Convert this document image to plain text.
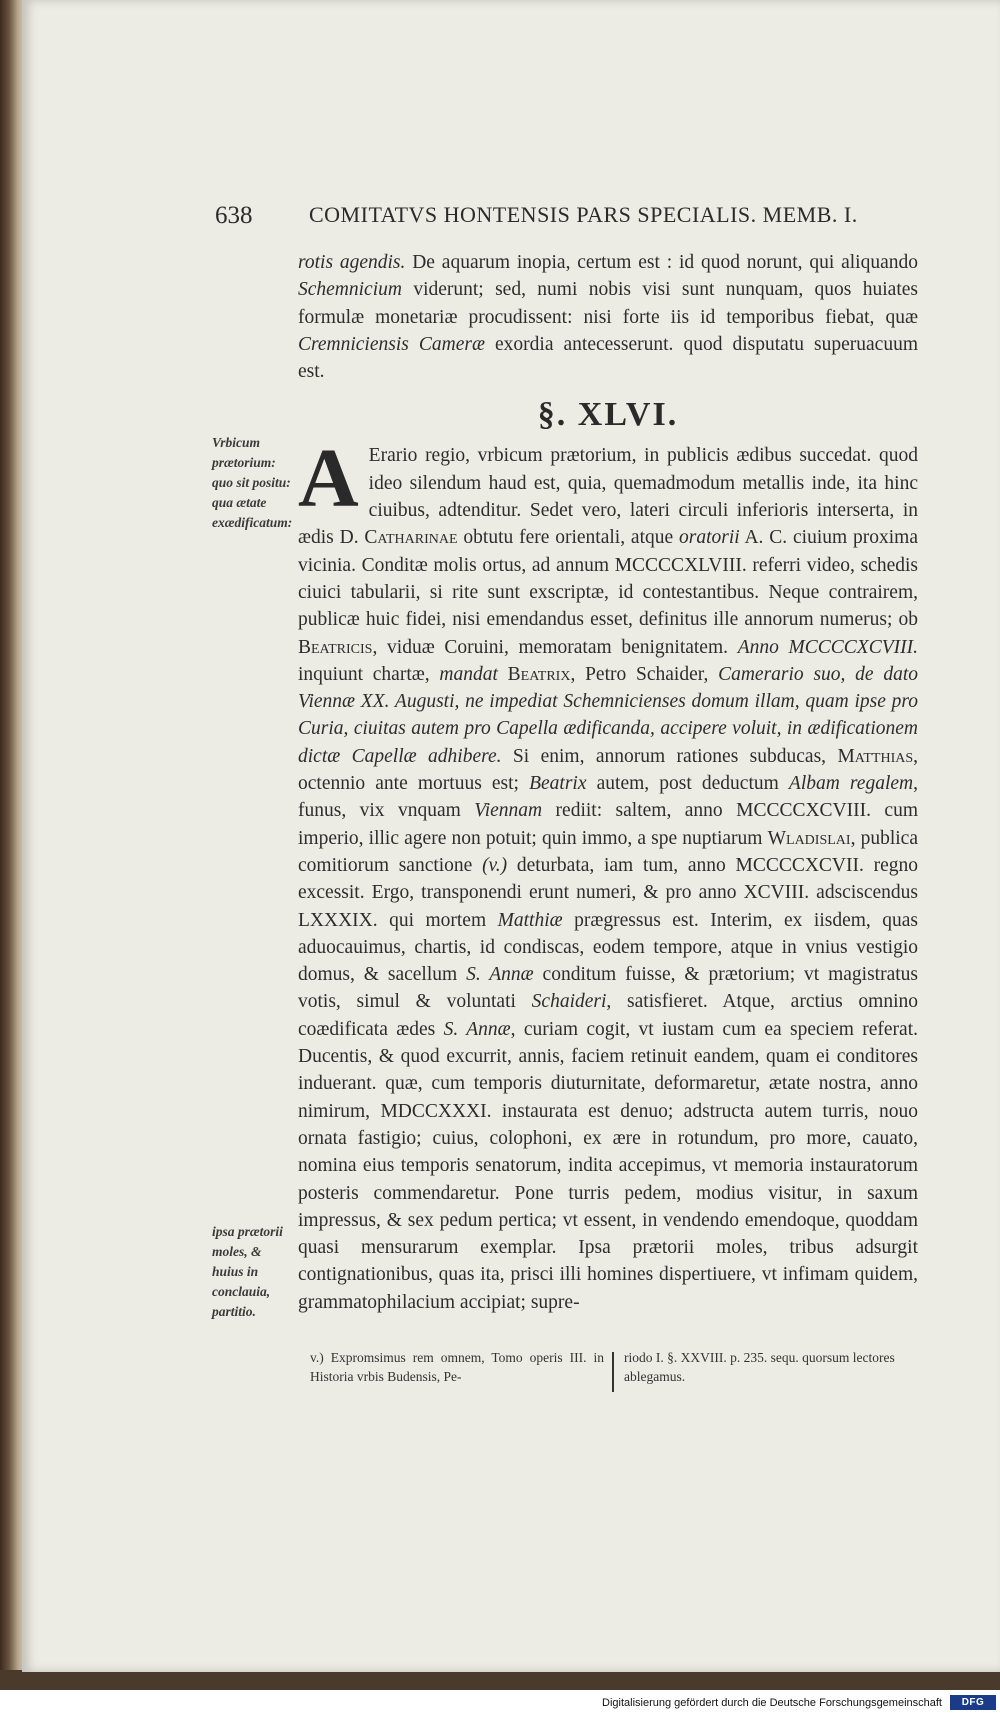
638	COMITATVS HONTENSIS PARS SPECIALIS. MEMB. I.
Vrbicum prætorium: quo sit positu: qua ætate exædificatum:
ipsa prætorii moles, & huius in conclauia, partitio.

rotis agendis. De aquarum inopia, certum est : id quod norunt, qui aliquando Schemnicium viderunt; sed, numi nobis visi sunt nunquam, quos huiates formulæ monetariæ procudissent: nisi forte iis id temporibus fiebat, quæ Cremniciensis Cameræ exordia antecesserunt. quod disputatu superuacuum est.

§. XLVI.

A Erario regio, vrbicum prætorium, in publicis ædibus succedat. quod ideo silendum haud est, quia, quemadmodum metallis inde, ita hinc ciuibus, adtenditur. Sedet vero, lateri circuli inferioris interserta, in ædis D. Catharinae obtutu fere orientali, atque oratorii A. C. ciuium proxima vicinia. Conditæ molis ortus, ad annum MCCCCXLVIII. referri video, schedis ciuici tabularii, si rite sunt exscriptæ, id contestantibus. Neque contrairem, publicæ huic fidei, nisi emendandus esset, definitus ille annorum numerus; ob Beatricis, viduæ Coruini, memoratam benignitatem. Anno MCCCCXCVIII. inquiunt chartæ, mandat Beatrix, Petro Schaider, Camerario suo, de dato Viennæ XX. Augusti, ne impediat Schemnicienses domum illam, quam ipse pro Curia, ciuitas autem pro Capella ædificanda, accipere voluit, in ædificationem dictæ Capellæ adhibere. Si enim, annorum rationes subducas, Matthias, octennio ante mortuus est; Beatrix autem, post deductum Albam regalem, funus, vix vnquam Viennam rediit: saltem, anno MCCCCXCVIII. cum imperio, illic agere non potuit; quin immo, a spe nuptiarum Wladislai, publica comitiorum sanctione (v.) deturbata, iam tum, anno MCCCCXCVII. regno excessit. Ergo, transponendi erunt numeri, & pro anno XCVIII. adsciscendus LXXXIX. qui mortem Matthiæ prægressus est. Interim, ex iisdem, quas aduocauimus, chartis, id condiscas, eodem tempore, atque in vnius vestigio domus, & sacellum S. Annæ conditum fuisse, & prætorium; vt magistratus votis, simul & voluntati Schaideri, satisfieret. Atque, arctius omnino coædificata ædes S. Annæ, curiam cogit, vt iustam cum ea speciem referat. Ducentis, & quod excurrit, annis, faciem retinuit eandem, quam ei conditores induerant. quæ, cum temporis diuturnitate, deformaretur, ætate nostra, anno nimirum, MDCCXXXI. instaurata est denuo; adstructa autem turris, nouo ornata fastigio; cuius, colophoni, ex ære in rotundum, pro more, cauato, nomina eius temporis senatorum, indita accepimus, vt memoria instauratorum posteris commendaretur. Pone turris pedem, modius visitur, in saxum impressus, & sex pedum pertica; vt essent, in vendendo emendoque, quoddam quasi mensurarum exemplar. Ipsa prætorii moles, tribus adsurgit contignationibus, quas ita, prisci illi homines dispertiuere, vt infimam quidem, grammatophilacium accipiat; supre-

v.) Expromsimus rem omnem, Tomo operis III. in Historia vrbis Budensis, Pe-
riodo I. §. XXVIII. p. 235. sequ. quorsum lectores ablegamus.
Digitalisierung gefördert durch die Deutsche Forschungsgemeinschaft	DFG
